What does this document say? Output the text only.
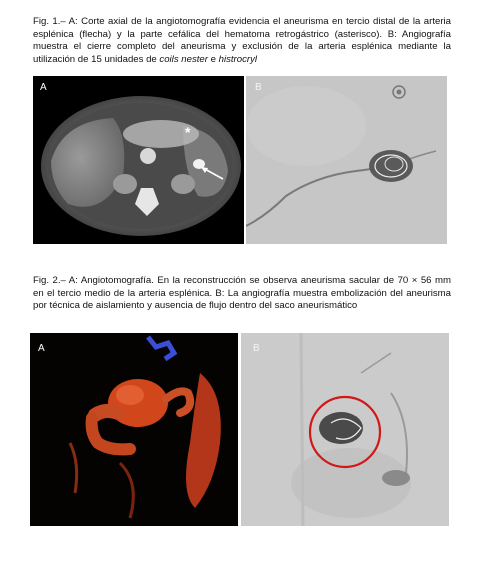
Fig. 1.– A: Corte axial de la angiotomografía evidencia el aneurisma en tercio distal de la arteria esplénica (flecha) y la parte cefálica del hematoma retrogástrico (asterisco). B: Angiografía muestra el cierre completo del aneurisma y exclusión de la arteria esplénica mediante la utilización de 15 unidades de coils nester e histrocryl
A
*
B
Fig. 2.– A: Angiotomografía. En la reconstrucción se observa aneurisma sacular de 70 × 56 mm en el tercio medio de la arteria esplénica. B: La angiografía muestra embolización del aneurisma por técnica de aislamiento y ausencia de flujo dentro del saco aneurismático
A	B
